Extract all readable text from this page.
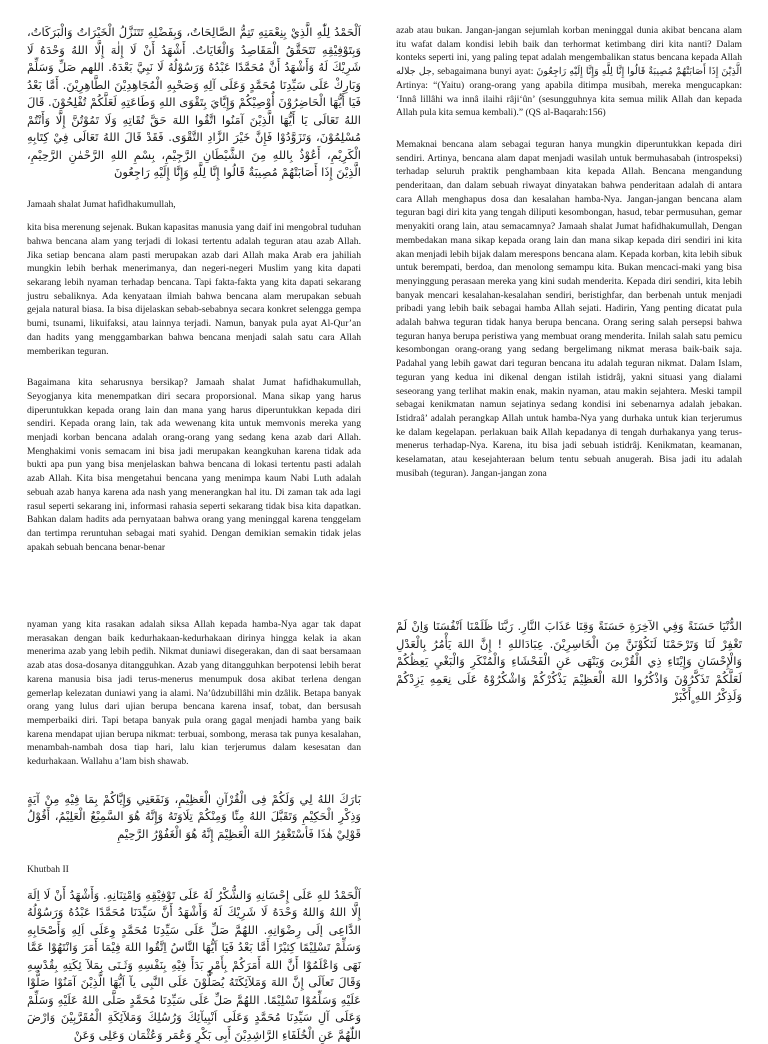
اَلْحَمْدُ لِلّٰهِ الَّذِيْ بِنِعْمَتِهِ تَتِمُّ الصَّالِحَاتُ، وَبِفَضْلِهِ تَتَنَزَّلُ الْخَيْرَاتُ وَالْبَرَكَاتُ، وَبِتَوْفِيْقِهِ تَتَحَقَّقُ الْمَقَاصِدُ وَالْغَايَاتُ. أَشْهَدُ أَنْ لَا إِلٰهَ إِلَّا اللهُ وَحْدَهُ لَا شَرِيْكَ لَهُ وَأَشْهَدُ أَنَّ مُحَمَّدًا عَبْدُهُ وَرَسُوْلُهُ لَا نَبِيَّ بَعْدَهُ. اللهم صَلِّ وَسَلِّمْ وَبَارِكْ عَلَى سَيِّدِنَا مُحَمَّدٍ وَعَلَى آلِهِ وَصَحْبِهِ الْمُجَاهِدِيْنَ الطَّاهِرِيْنَ. أَمَّا بَعْدُ فَيَا أَيُّهَا الْحَاضِرُوْنَ أُوْصِيْكُمْ وَإِيَّايَ بِتَقْوَى اللهِ وَطَاعَتِهِ لَعَلَّكُمْ تُفْلِحُوْنَ. قَالَ اللهُ تَعَالَى يَا أَيُّهَا الَّذِيْنَ آمَنُوا اتَّقُوا اللهَ حَقَّ تُقَاتِهِ وَلَا تَمُوْتُنَّ إِلَّا وَأَنْتُمْ مُسْلِمُوْنَ، وَتَزَوَّدُوْا فَإِنَّ خَيْرَ الزَّادِ التَّقْوَى. فَقَدْ قَالَ اللهُ تَعَالَى فِيْ كِتَابِهِ الْكَرِيْمِ، أَعُوْذُ بِاللهِ مِنَ الشَّيْطَانِ الرَّجِيْمِ، بِسْمِ اللهِ الرَّحْمٰنِ الرَّحِيْمِ، الَّذِيْنَ إِذَا أَصَابَتْهُمْ مُصِيبَةٌ قَالُوا إِنَّا لِلَّهِ وَإِنَّا إِلَيْهِ رَاجِعُونَ

Jamaah shalat Jumat hafidhakumullah,

kita bisa merenung sejenak. Bukan kapasitas manusia yang daif ini mengobral tuduhan bahwa bencana alam yang terjadi di lokasi tertentu adalah teguran atau azab Allah. Jika setiap bencana alam pasti merupakan azab dari Allah maka Arab era jahiliah mungkin lebih berhak menerimanya, dan negeri-negeri Muslim yang kita dapati sekarang lebih nyaman terhadap bencana. Tapi fakta-fakta yang kita dapati sekarang justru sebaliknya. Ada kenyataan ilmiah bahwa bencana alam merupakan sebuah gejala natural biasa. Ia bisa dijelaskan sebab-sebabnya secara konkret selengga gempa bumi, tsunami, likuifaksi, atau lainnya terjadi. Namun, banyak pula ayat Al-Qur’an dan hadits yang menggambarkan bahwa bencana menjadi salah satu cara Allah memberikan teguran.

Bagaimana kita seharusnya bersikap? Jamaah shalat Jumat hafidhakumullah, Seyogjanya kita menempatkan diri secara proporsional. Mana sikap yang harus diperuntukkan kepada orang lain dan mana yang harus diperuntukkan kepada diri sendiri. Kepada orang lain, tak ada wewenang kita untuk memvonis mereka yang menjadi korban bencana adalah orang-orang yang sedang kena azab dari Allah. Menghakimi vonis semacam ini bisa jadi merupakan keangkuhan karena tidak ada bukti apa pun yang bisa menjelaskan bahwa bencana di lokasi tertentu pasti adalah azab Allah. Kita bisa mengetahui bencana yang menimpa kaum Nabi Luth adalah sebuah azab hanya karena ada nash yang menerangkan hal itu. Di zaman tak ada lagi rasul seperti sekarang ini, informasi rahasia seperti sekarang tidak bisa kita dapatkan. Bahkan dalam hadits ada pernyataan bahwa orang yang meninggal karena tenggelam dan tertimpa reruntuhan sebagai mati syahid. Dengan demikian semakin tidak jelas apakah sebuah bencana benar-benar

azab atau bukan. Jangan-jangan sejumlah korban meninggal dunia akibat bencana alam itu wafat dalam kondisi lebih baik dan terhormat ketimbang diri kita nanti? Dalam konteks seperti ini, yang paling tepat adalah mengembalikan status bencana kepada Allah جل جلاله, sebagaimana bunyi ayat: الَّذِيْنَ إِذَا أَصَابَتْهُمْ مُصِيبَةٌ قَالُوا إِنَّا لِلَّهِ وَإِنَّا إِلَيْهِ رَاجِعُونَ Artinya: “(Yaitu) orang-orang yang apabila ditimpa musibah, mereka mengucapkan: ‘Innâ lillâhi wa innâ ilaihi râji‘ûn’ (sesungguhnya kita semua milik Allah dan kepada Allah pula kita semua kembali).” (QS al-Baqarah:156)

Memaknai bencana alam sebagai teguran hanya mungkin diperuntukkan kepada diri sendiri. Artinya, bencana alam dapat menjadi wasilah untuk bermuhasabah (introspeksi) terhadap seluruh praktik penghambaan kita kepada Allah. Bencana mengandung penderitaan, dan dalam sebuah riwayat dinyatakan bahwa penderitaan adalah di antara cara Allah menghapus dosa dan kesalahan hamba-Nya. Jangan-jangan bencana alam teguran bagi diri kita yang tengah diliputi kesombongan, hasud, tebar permusuhan, gemar menyakiti orang lain, atau semacamnya? Jamaah shalat Jumat hafidhakumullah, Dengan membedakan mana sikap kepada orang lain dan mana sikap kepada diri sendiri ini kita akan menjadi lebih bijak dalam merespons bencana alam. Kepada korban, kita lebih sibuk untuk berempati, berdoa, dan menolong semampu kita. Bukan mencaci-maki yang bisa menyinggung perasaan mereka yang kini sudah menderita. Kepada diri sendiri, kita lebih banyak mencari kesalahan-kesalahan sendiri, beristighfar, dan berbenah untuk menjadi pribadi yang lebih baik sebagai hamba Allah sejati. Hadirin, Yang penting dicatat pula adalah bahwa teguran tidak hanya berupa bencana. Orang sering salah persepsi bahwa teguran hanya berupa peristiwa yang membuat orang menderita. Inilah salah satu pemicu kesombongan orang-orang yang sedang bergelimang nikmat merasa baik-baik saja. Padahal yang lebih gawat dari teguran bencana itu adalah teguran nikmat. Dalam Islam, teguran yang kedua ini dikenal dengan istilah istidrâj, yakni situasi yang dialami seseorang yang terlihat makin enak, makin nyaman, atau makin sejahtera. Meski tampil sebagai kenikmatan namun sejatinya sedang kondisi ini sebenarnya adalah jebakan. Istidraâ’ adalah perangkap Allah untuk hamba-Nya yang durhaka untuk kian terjerumus ke dalam kegelapan. perlakuan baik Allah kepadanya di tengah durhakanya yang terus-menerus terhadap-Nya. Karena, itu bisa jadi sebuah istidrâj. Kenikmatan, keamanan, keselamatan, atau kesejahteraan belum tentu sebuah anugerah. Bisa jadi itu adalah musibah (teguran). Jangan-jangan zona

nyaman yang kita rasakan adalah siksa Allah kepada hamba-Nya agar tak dapat merasakan dengan baik kedurhakaan-kedurhakaan dirinya hingga kelak ia akan menerima azab yang lebih pedih. Nikmat duniawi disegerakan, dan di saat bersamaan azab atas dosa-dosanya ditangguhkan. Azab yang ditangguhkan berpotensi lebih berat karena manusia bisa jadi terus-menerus menumpuk dosa akibat terlena dengan gemerlap kelezatan duniawi yang ia alami. Na’ûdzubillâhi min dzâlik. Betapa banyak orang yang lulus dari ujian berupa bencana karena insaf, tobat, dan bersusah memperbaiki diri. Tapi betapa banyak pula orang gagal menjadi hamba yang baik karena mendapat ujian berupa nikmat: terbuai, sombong, merasa tak punya kesalahan, menambah-nambah dosa tiap hari, lalu kian terjerumus dalam kesesatan dan kedurhakaan. Wallahu a’lam bish shawab.

بَارَكَ اللهُ لِي وَلَكُمْ فِى الْقُرْآنِ الْعَظِيْمِ، وَنَفَعَنِي وَإِيَّاكُمْ بِمَا فِيْهِ مِنْ آيَةٍ وَذِكْرِ الْحَكِيْمِ وَتَقَبَّلَ اللهُ مِنِّا وَمِنْكُمْ تِلَاوَتَهُ وَإِنَّهُ هُوَ السَّمِيْعُ الْعَلِيْمُ، أَقُوْلُ قَوْلِيْ هٰذَا فَأسْتَغْفِرُ اللهَ الْعَظِيْمَ إِنَّهُ هُوَ الْغَفُوْرُ الرَّحِيْمِ

Khutbah II

اَلْحَمْدُ للهِ عَلَى إِحْسَانِهِ وَالشُّكْرُ لَهُ عَلَى تَوْفِيْقِهِ وَاِمْتِنَانِهِ. وَأَشْهَدُ أَنْ لَا اِلَهَ إِلَّا اللهُ وَاللهُ وَحْدَهُ لَا شَرِيْكَ لَهُ وَأَشْهَدُ أَنَّ سَيِّدَنَا مُحَمَّدًا عَبْدُهُ وَرَسُوْلُهُ الدَّاعِى إلَى رِضْوَانِهِ. اللهُمَّ صَلِّ عَلَى سَيِّدِنَا مُحَمَّدٍ وِعَلَى اَلِهِ وَأَصْحَابِهِ وَسَلِّمْ تَسْلِيْمًا كِثيْرًا أَمَّا بَعْدُ فَيَا اَيُّهَا النَّاسُ اِتَّقُوا اللهَ فِيْمَا أَمَرَ وَانْتَهُوْا عَمَّا نَهَى وَاعْلَمُوْا أَنَّ اللهَ أَمَرَكُمْ بِأَمْرٍ بَدَأَ فِيْهِ بِنَفْسِهِ وَثَـنَى بِمَلآ ئِكَتِهِ بِقُدْسِهِ وَقَالَ تَعاَلَى إِنَّ اللهَ وَمَلآئِكَتَهُ يُصَلُّوْنَ عَلَى النَّبِى يآ اَيُّهَا الَّذِيْنَ آمَنُوْا صَلُّوْا عَلَيْهِ وَسَلِّمُوْا تَسْلِيْمًا. اللهُمَّ صَلِّ عَلَى سَيِّدِنَا مُحَمَّدٍ صَلَّى اللهُ عَلَيْهِ وَسَلِّمْ وَعَلَى آلِ سَيِّدِنَا مُحَمَّدٍ وَعَلَى اَنْبِيآئِكَ وَرُسُلِكَ وَمَلآئِكَةِ الْمُقَرَّبِيْنَ وَارْضَ اللّٰهُمَّ عَنِ الْخُلَفَاءِ الرَّاشِدِيْنَ أَبِى بَكْرٍ وَعُمَر وَعُثْمَان وَعَلِى وَعَنْ

الدُّنْيَا حَسَنَةً وَفِي الآخِرَةِ حَسَنَةً وَقِنَا عَذَابَ النَّارِ. رَبَّنَا ظَلَمْنَا اَنْفُسَنَا وَاِنْ لَمْ تَغْفِرْ لَنَا وَتَرْحَمْنَا لَنَكُوْنَنَّ مِنَ الْخَاسِرِيْنَ. عِبَادَاللهِ ! إِنَّ اللهَ يَأْمُرُ بِالْعَدْلِ وَالْإِحْسَانِ وَإِيْتَاءِ ذِي الْقُرْبىَ وَيَنْهَى عَنِ الْفَحْشَاءِ وَالْمُنْكَرِ وَالْبَغْيِ يَعِظُكُمْ لَعَلَّكُمْ تَذَكَّرُوْنَ وَاذْكُرُوا اللهَ الْعَظِيْمَ يَذْكُرْكُمْ وَاشْكُرُوْهُ عَلَى نِعَمِهِ يَزِدْكُمْ وَلَذِكْرُ اللهِ أَكْبَرْ
